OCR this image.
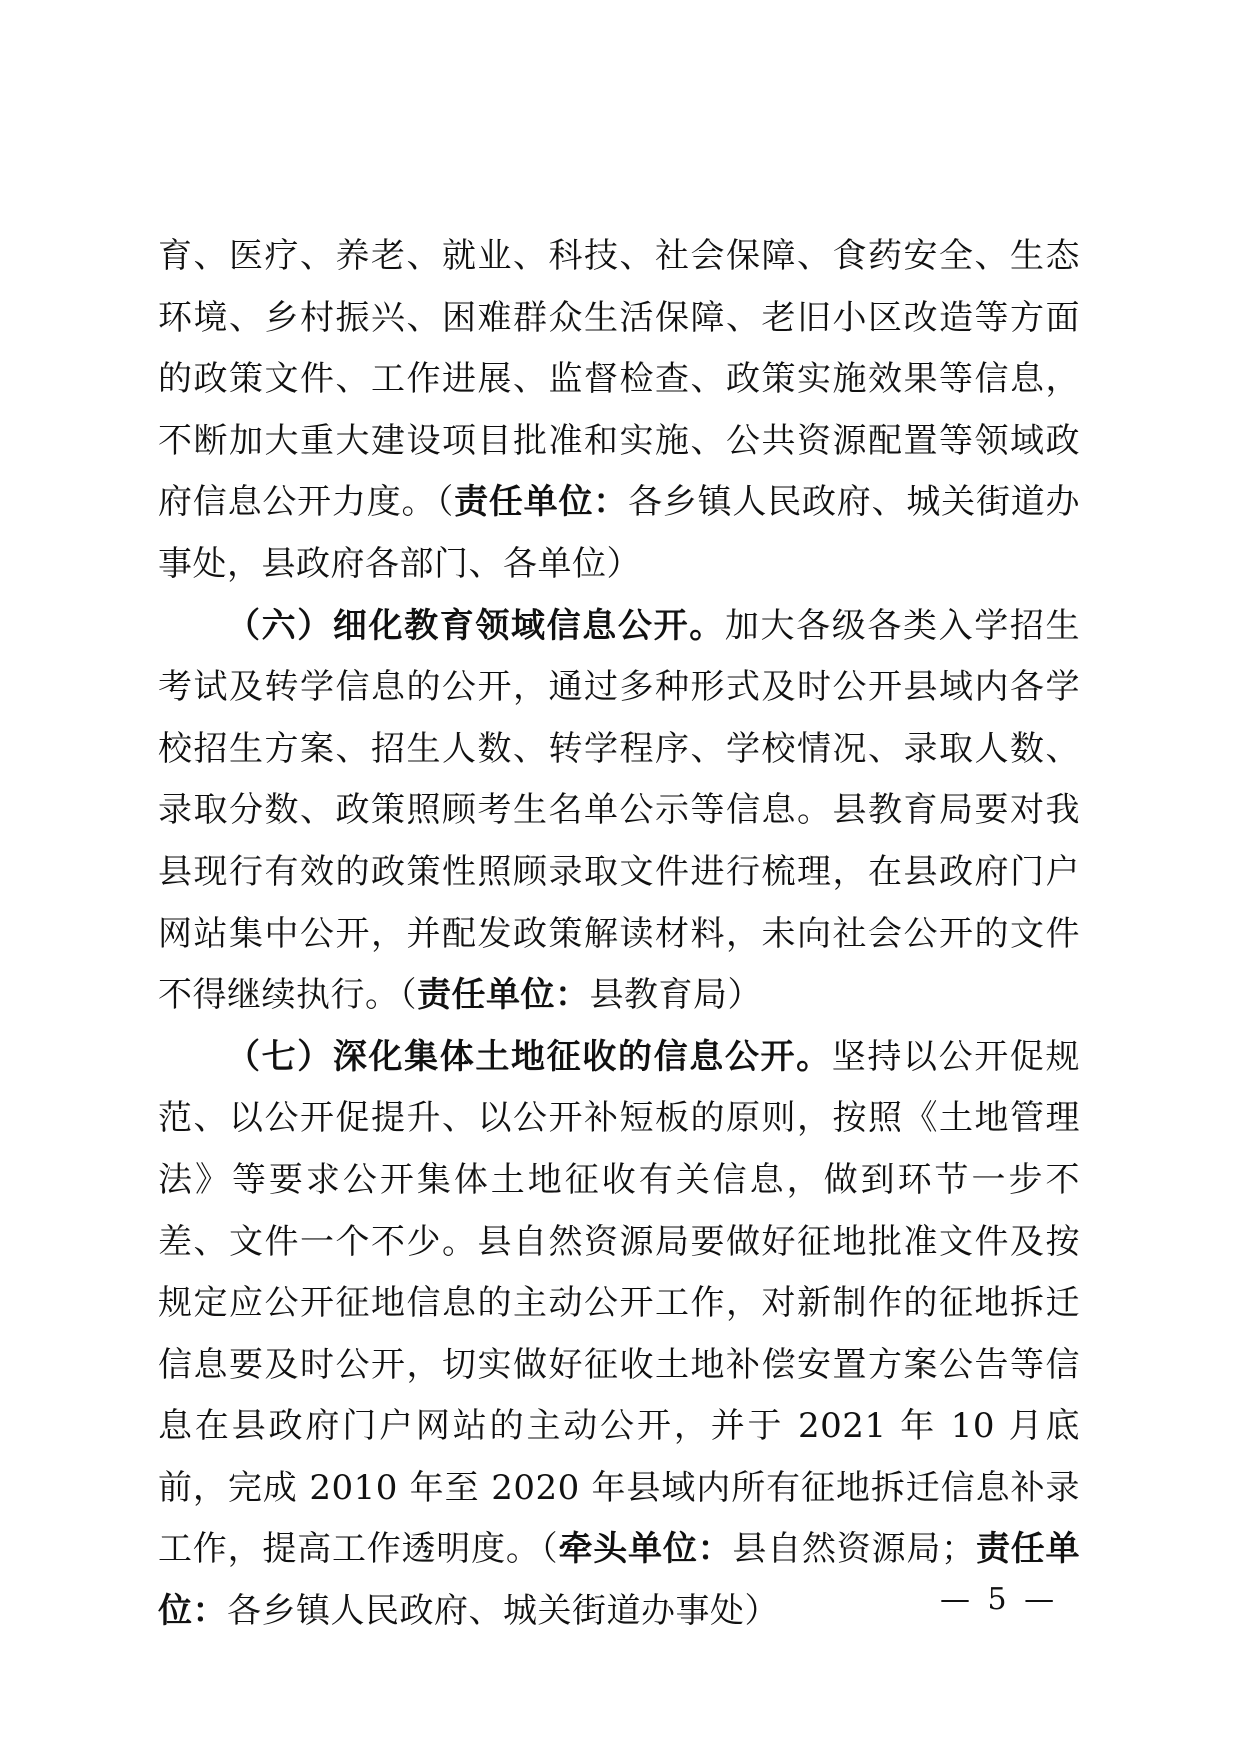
育、医疗、养老、就业、科技、社会保障、食药安全、生态环境、乡村振兴、困难群众生活保障、老旧小区改造等方面的政策文件、工作进展、监督检查、政策实施效果等信息，不断加大重大建设项目批准和实施、公共资源配置等领域政府信息公开力度。（责任单位：各乡镇人民政府、城关街道办事处，县政府各部门、各单位）

（六）细化教育领域信息公开。加大各级各类入学招生考试及转学信息的公开，通过多种形式及时公开县域内各学校招生方案、招生人数、转学程序、学校情况、录取人数、录取分数、政策照顾考生名单公示等信息。县教育局要对我县现行有效的政策性照顾录取文件进行梳理，在县政府门户网站集中公开，并配发政策解读材料，未向社会公开的文件不得继续执行。（责任单位：县教育局）

（七）深化集体土地征收的信息公开。坚持以公开促规范、以公开促提升、以公开补短板的原则，按照《土地管理法》等要求公开集体土地征收有关信息，做到环节一步不差、文件一个不少。县自然资源局要做好征地批准文件及按规定应公开征地信息的主动公开工作，对新制作的征地拆迁信息要及时公开，切实做好征收土地补偿安置方案公告等信息在县政府门户网站的主动公开，并于 2021 年 10 月底前，完成 2010 年至 2020 年县域内所有征地拆迁信息补录工作，提高工作透明度。（牵头单位：县自然资源局；责任单位：各乡镇人民政府、城关街道办事处）	— 5 —
